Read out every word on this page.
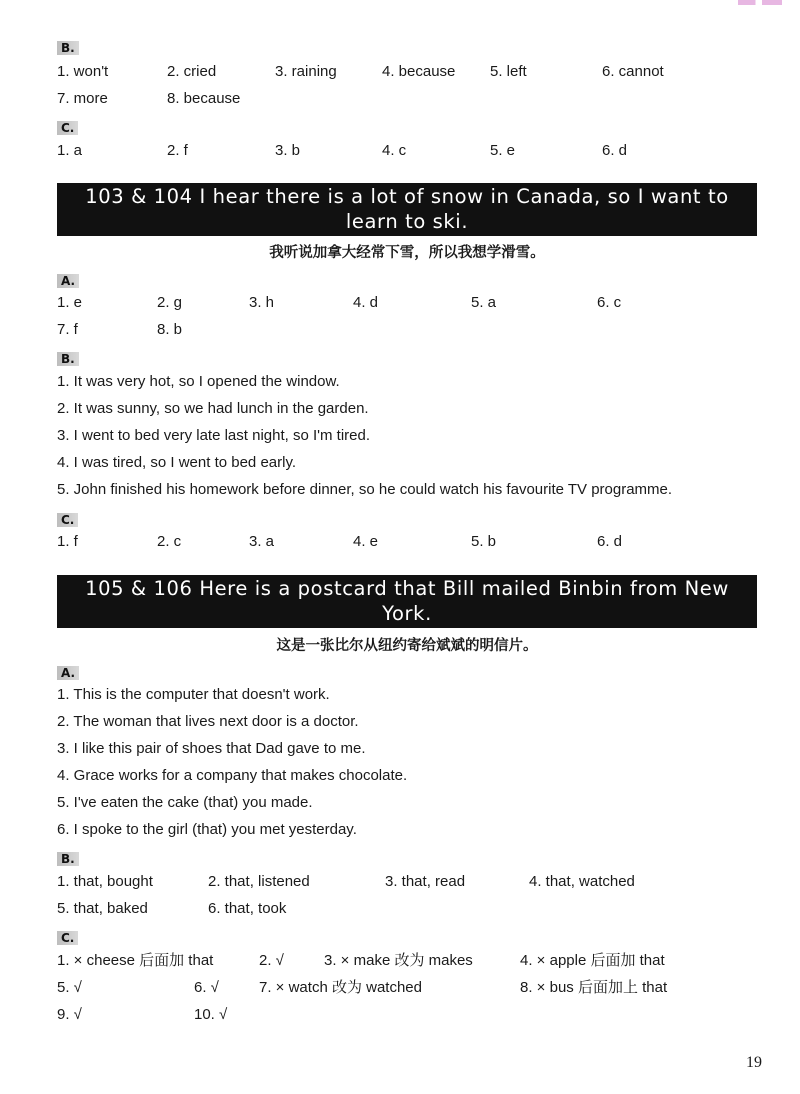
B.
1. won't	2. cried	3. raining	4. because 5. left	6. cannot
7. more	8. because
C.
1. a	2. f	3. b	4. c	5. e	6. d
103 & 104 I hear there is a lot of snow in Canada, so I want to learn to ski.
我听说加拿大经常下雪，所以我想学滑雪。
A.
1. e	2. g	3. h	4. d	5. a	6. c
7. f	8. b
B.
1. It was very hot, so I opened the window.
2. It was sunny, so we had lunch in the garden.
3. I went to bed very late last night, so I'm tired.
4. I was tired, so I went to bed early.
5. John finished his homework before dinner, so he could watch his favourite TV programme.
C.
1. f	2. c	3. a	4. e	5. b	6. d
105 & 106 Here is a postcard that Bill mailed Binbin from New York.
这是一张比尔从纽约寄给斌斌的明信片。
A.
1. This is the computer that doesn't work.
2. The woman that lives next door is a doctor.
3. I like this pair of shoes that Dad gave to me.
4. Grace works for a company that makes chocolate.
5. I've eaten the cake (that) you made.
6. I spoke to the girl (that) you met yesterday.
B.
1. that, bought	2. that, listened	3. that, read	4. that, watched
5. that, baked	6. that, took
C.
1. × cheese 后面加 that	2. √	3. × make 改为 makes	4. × apple 后面加 that
5. √	6. √	7. × watch 改为 watched	8. × bus 后面加上 that
9. √	10. √
19
